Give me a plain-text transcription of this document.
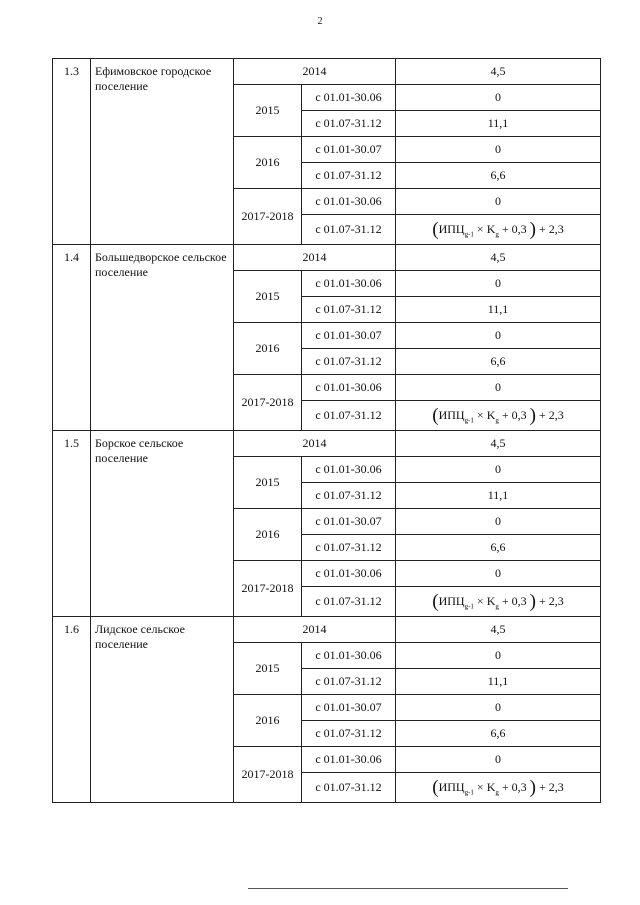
2
1.3	Ефимовское городское поселение	2014		4,5
		2015	с 01.01-30.06	0
			с 01.07-31.12	11,1
		2016	с 01.01-30.07	0
			с 01.07-31.12	6,6
		2017-2018	с 01.01-30.06	0
			с 01.07-31.12	($ИПЦ_{g-1} \times K_g + 0,3$ ) + 2,3
1.4	Большедворское сельское поселение	2014		4,5
		2015	с 01.01-30.06	0
			с 01.07-31.12	11,1
		2016	с 01.01-30.07	0
			с 01.07-31.12	6,6
		2017-2018	с 01.01-30.06	0
			с 01.07-31.12	($ИПЦ_{g-1} \times K_g + 0,3$ ) + 2,3
1.5	Борское сельское поселение	2014		4,5
		2015	с 01.01-30.06	0
			с 01.07-31.12	11,1
		2016	с 01.01-30.07	0
			с 01.07-31.12	6,6
		2017-2018	с 01.01-30.06	0
			с 01.07-31.12	($ИПЦ_{g-1} \times K_g + 0,3$ ) + 2,3
1.6	Лидское сельское поселение	2014		4,5
		2015	с 01.01-30.06	0
			с 01.07-31.12	11,1
		2016	с 01.01-30.07	0
			с 01.07-31.12	6,6
		2017-2018	с 01.01-30.06	0
			с 01.07-31.12	($ИПЦ_{g-1} \times K_g + 0,3$ ) + 2,3
